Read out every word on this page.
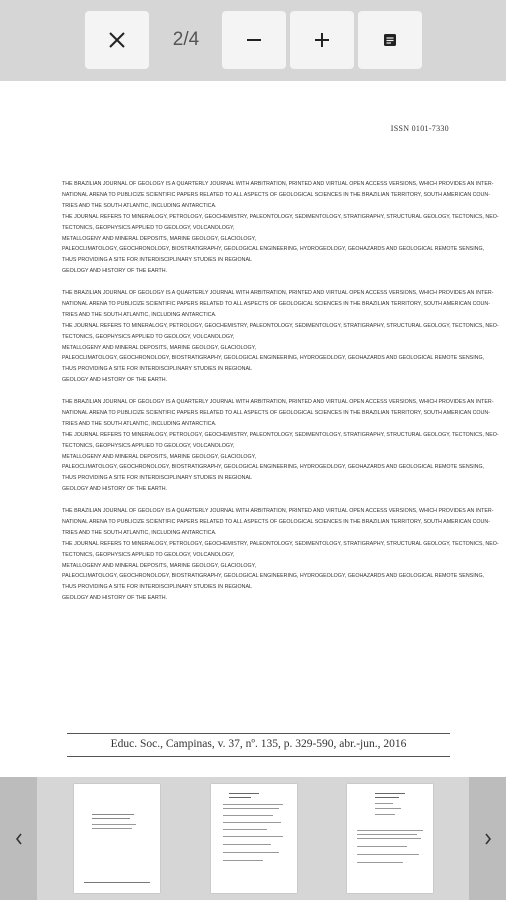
2/4
ISSN 0101-7330
THE BRAZILIAN JOURNAL OF GEOLOGY IS A QUARTERLY JOURNAL WITH ARBITRATION, PRINTED AND VIRTUAL OPEN ACCESS VERSIONS, WHICH PROVIDES AN INTER-
NATIONAL ARENA TO PUBLICIZE SCIENTIFIC PAPERS RELATED TO ALL ASPECTS OF GEOLOGICAL SCIENCES IN THE BRAZILIAN TERRITORY, SOUTH AMERICAN COUN-
TRIES AND THE SOUTH ATLANTIC, INCLUDING ANTARCTICA.
THE JOURNAL REFERS TO MINERALOGY, PETROLOGY, GEOCHEMISTRY, PALEONTOLOGY, SEDIMENTOLOGY, STRATIGRAPHY, STRUCTURAL GEOLOGY, TECTONICS, NEO-
TECTONICS, GEOPHYSICS APPLIED TO GEOLOGY, VOLCANOLOGY,
METALLOGENY AND MINERAL DEPOSITS, MARINE GEOLOGY, GLACIOLOGY,
PALEOCLIMATOLOGY, GEOCHRONOLOGY, BIOSTRATIGRAPHY, GEOLOGICAL ENGINEERING, HYDROGEOLOGY, GEOHAZARDS AND GEOLOGICAL REMOTE SENSING,
THUS PROVIDING A SITE FOR INTERDISCIPLINARY STUDIES IN REGIONAL
GEOLOGY AND HISTORY OF THE EARTH.
THE BRAZILIAN JOURNAL OF GEOLOGY IS A QUARTERLY JOURNAL WITH ARBITRATION, PRINTED AND VIRTUAL OPEN ACCESS VERSIONS, WHICH PROVIDES AN INTER-
NATIONAL ARENA TO PUBLICIZE SCIENTIFIC PAPERS RELATED TO ALL ASPECTS OF GEOLOGICAL SCIENCES IN THE BRAZILIAN TERRITORY, SOUTH AMERICAN COUN-
TRIES AND THE SOUTH ATLANTIC, INCLUDING ANTARCTICA.
THE JOURNAL REFERS TO MINERALOGY, PETROLOGY, GEOCHEMISTRY, PALEONTOLOGY, SEDIMENTOLOGY, STRATIGRAPHY, STRUCTURAL GEOLOGY, TECTONICS, NEO-
TECTONICS, GEOPHYSICS APPLIED TO GEOLOGY, VOLCANOLOGY,
METALLOGENY AND MINERAL DEPOSITS, MARINE GEOLOGY, GLACIOLOGY,
PALEOCLIMATOLOGY, GEOCHRONOLOGY, BIOSTRATIGRAPHY, GEOLOGICAL ENGINEERING, HYDROGEOLOGY, GEOHAZARDS AND GEOLOGICAL REMOTE SENSING,
THUS PROVIDING A SITE FOR INTERDISCIPLINARY STUDIES IN REGIONAL
GEOLOGY AND HISTORY OF THE EARTH.
THE BRAZILIAN JOURNAL OF GEOLOGY IS A QUARTERLY JOURNAL WITH ARBITRATION, PRINTED AND VIRTUAL OPEN ACCESS VERSIONS, WHICH PROVIDES AN INTER-
NATIONAL ARENA TO PUBLICIZE SCIENTIFIC PAPERS RELATED TO ALL ASPECTS OF GEOLOGICAL SCIENCES IN THE BRAZILIAN TERRITORY, SOUTH AMERICAN COUN-
TRIES AND THE SOUTH ATLANTIC, INCLUDING ANTARCTICA.
THE JOURNAL REFERS TO MINERALOGY, PETROLOGY, GEOCHEMISTRY, PALEONTOLOGY, SEDIMENTOLOGY, STRATIGRAPHY, STRUCTURAL GEOLOGY, TECTONICS, NEO-
TECTONICS, GEOPHYSICS APPLIED TO GEOLOGY, VOLCANOLOGY,
METALLOGENY AND MINERAL DEPOSITS, MARINE GEOLOGY, GLACIOLOGY,
PALEOCLIMATOLOGY, GEOCHRONOLOGY, BIOSTRATIGRAPHY, GEOLOGICAL ENGINEERING, HYDROGEOLOGY, GEOHAZARDS AND GEOLOGICAL REMOTE SENSING,
THUS PROVIDING A SITE FOR INTERDISCIPLINARY STUDIES IN REGIONAL
GEOLOGY AND HISTORY OF THE EARTH.
THE BRAZILIAN JOURNAL OF GEOLOGY IS A QUARTERLY JOURNAL WITH ARBITRATION, PRINTED AND VIRTUAL OPEN ACCESS VERSIONS, WHICH PROVIDES AN INTER-
NATIONAL ARENA TO PUBLICIZE SCIENTIFIC PAPERS RELATED TO ALL ASPECTS OF GEOLOGICAL SCIENCES IN THE BRAZILIAN TERRITORY, SOUTH AMERICAN COUN-
TRIES AND THE SOUTH ATLANTIC, INCLUDING ANTARCTICA.
THE JOURNAL REFERS TO MINERALOGY, PETROLOGY, GEOCHEMISTRY, PALEONTOLOGY, SEDIMENTOLOGY, STRATIGRAPHY, STRUCTURAL GEOLOGY, TECTONICS, NEO-
TECTONICS, GEOPHYSICS APPLIED TO GEOLOGY, VOLCANOLOGY,
METALLOGENY AND MINERAL DEPOSITS, MARINE GEOLOGY, GLACIOLOGY,
PALEOCLIMATOLOGY, GEOCHRONOLOGY, BIOSTRATIGRAPHY, GEOLOGICAL ENGINEERING, HYDROGEOLOGY, GEOHAZARDS AND GEOLOGICAL REMOTE SENSING,
THUS PROVIDING A SITE FOR INTERDISCIPLINARY STUDIES IN REGIONAL
GEOLOGY AND HISTORY OF THE EARTH.
Educ. Soc., Campinas, v. 37, nº. 135, p. 329-590, abr.-jun., 2016
